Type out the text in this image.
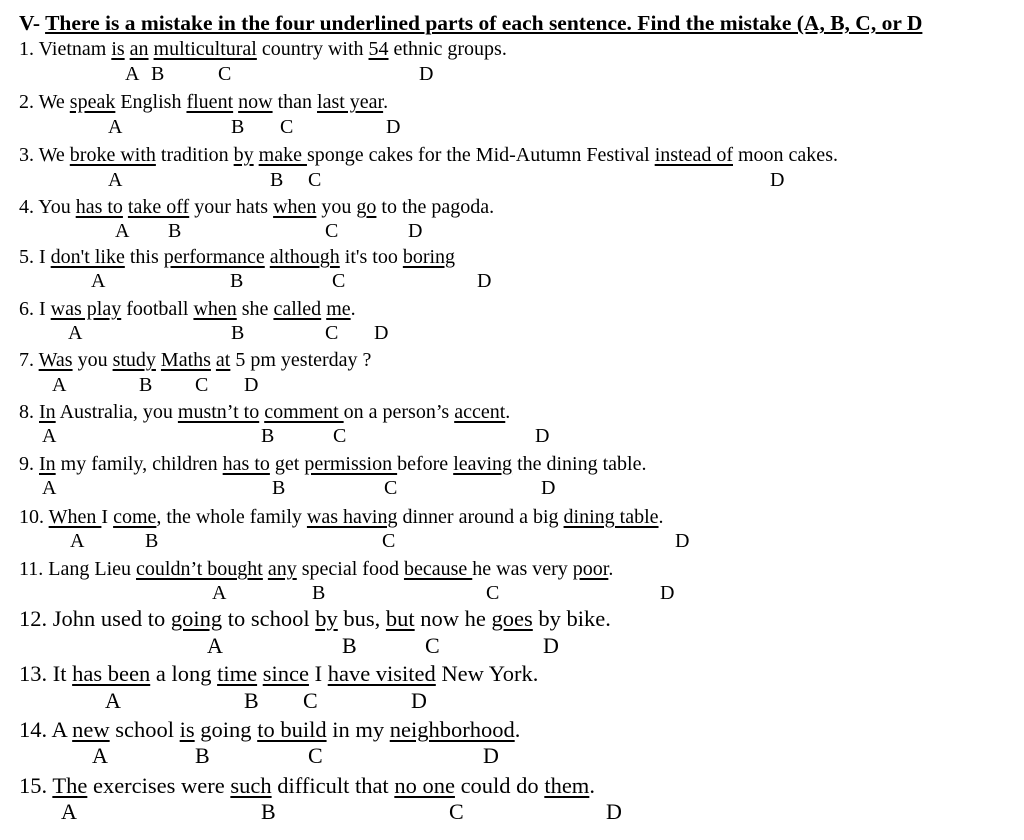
V- There is a mistake in the four underlined parts of each sentence. Find the mistake (A, B, C, or D
1. Vietnam is an multicultural country with 54 ethnic groups.
2. We speak English fluent now than last year.
3. We broke with tradition by make sponge cakes for the Mid-Autumn Festival instead of moon cakes.
4. You has to take off your hats when you go to the pagoda.
5. I don't like this performance although it's too boring
6. I was play football when she called me.
7. Was you study Maths at 5 pm yesterday ?
8. In Australia, you mustn’t to comment on a person’s accent.
9. In my family, children has to get permission before leaving the dining table.
10. When I come, the whole family was having dinner around a big dining table.
11. Lang Lieu couldn’t bought any special food because he was very poor.
12. John used to going to school by bus, but now he goes by bike.
13. It has been a long time since I have visited New York.
14. A new school is going to build in my neighborhood.
15. The exercises were such difficult that no one could do them.
A B	C	D
A	B C	D
A	B C	D
A B	C	D
A	B	C	D
A	B	C D
A	B C D
A	B	C	D
A	B	C	D
A	B	C	D
A	B	C	D
A	B	C	D
A	B C	D
A	B	C	D
A	B	C	D
